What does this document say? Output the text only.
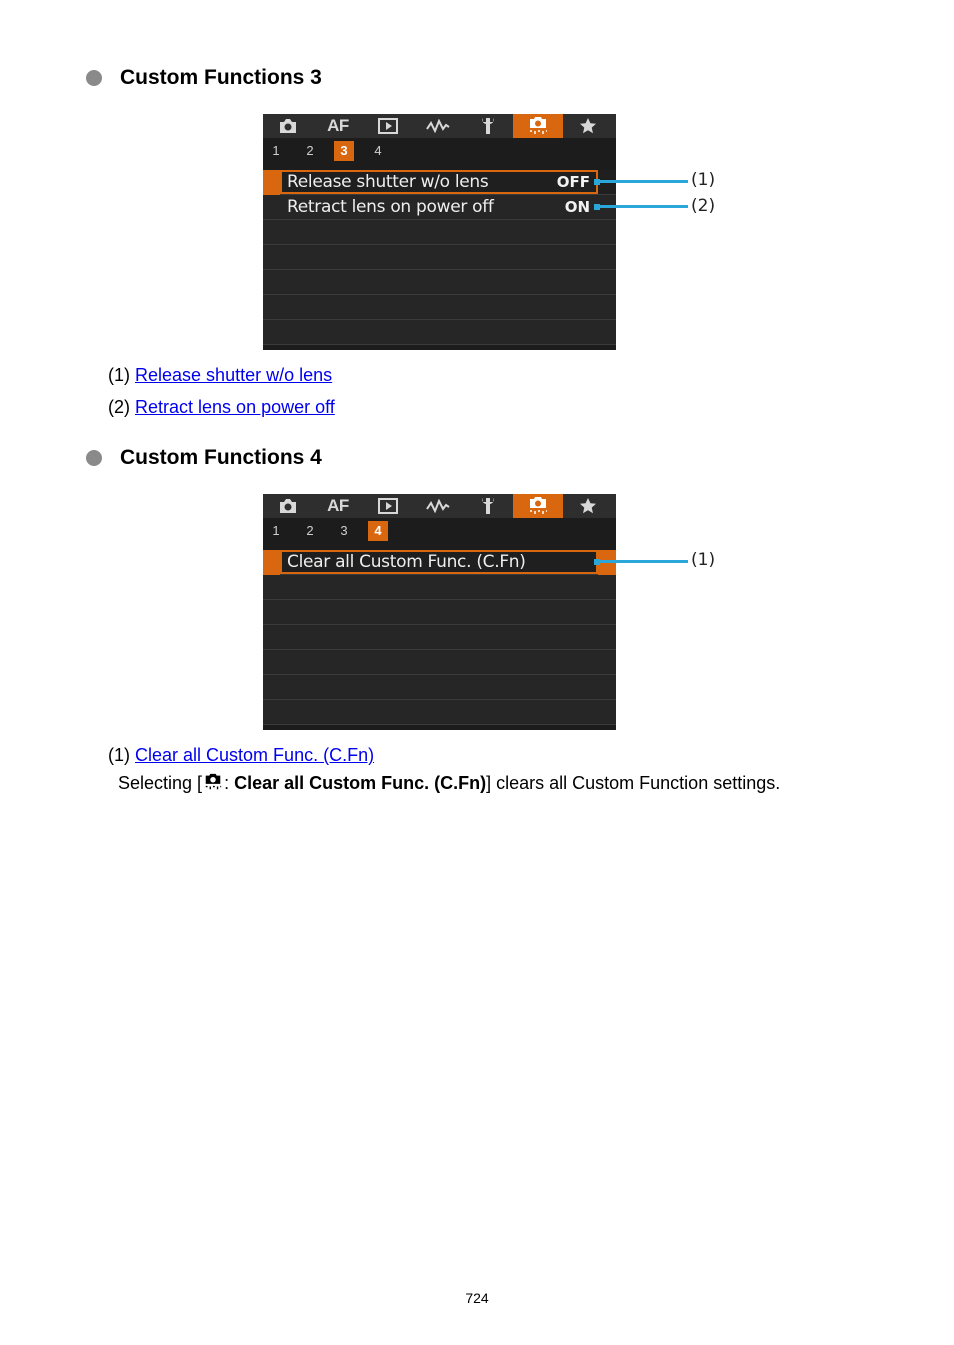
Custom Functions 3
AF
1	2	3	4
Release shutter w/o lens	OFF
Retract lens on power off	ON
(1)
(2)
(1) Release shutter w/o lens
(2) Retract lens on power off
Custom Functions 4
AF
1	2	3	4
Clear all Custom Func. (C.Fn)	(1)
(1) Clear all Custom Func. (C.Fn)
Selecting [ : Clear all Custom Func. (C.Fn)] clears all Custom Function settings.
724
